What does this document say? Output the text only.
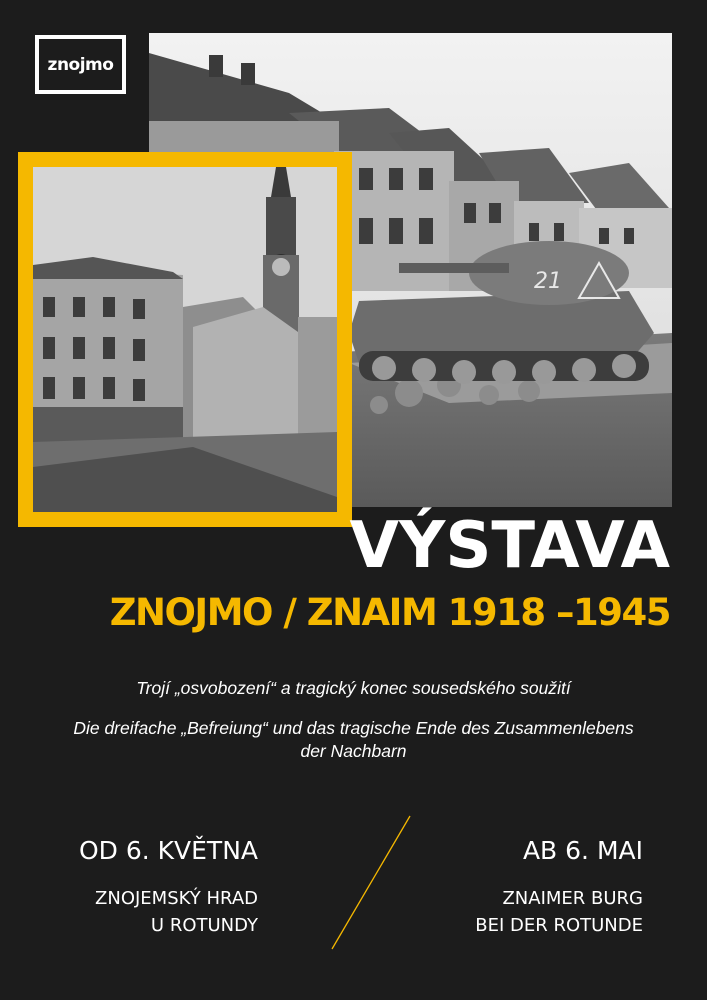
znojmo
21
VÝSTAVA
ZNOJMO / ZNAIM 1918 –1945
Trojí „osvobození“ a tragický konec sousedského soužití
Die dreifache „Befreiung“ und das tragische Ende des Zusammenlebens der Nachbarn
OD 6. KVĚTNA
ZNOJEMSKÝ HRAD
U ROTUNDY
AB 6. MAI
ZNAIMER BURG
BEI DER ROTUNDE
